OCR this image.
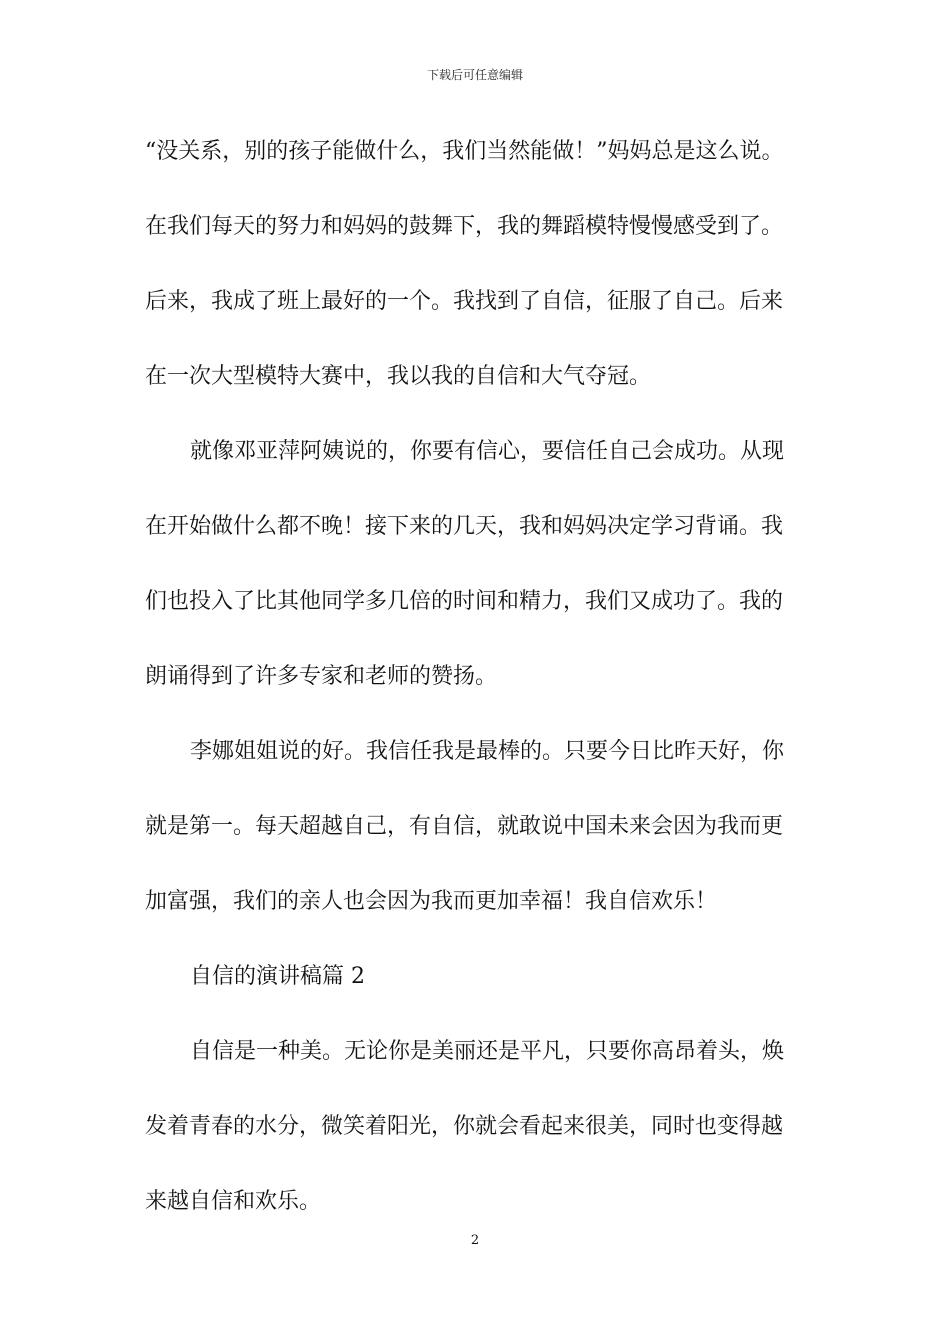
下载后可任意编辑
“没关系，别的孩子能做什么，我们当然能做！”妈妈总是这么说。
在我们每天的努力和妈妈的鼓舞下，我的舞蹈模特慢慢感受到了。
后来，我成了班上最好的一个。我找到了自信，征服了自己。后来
在一次大型模特大赛中，我以我的自信和大气夺冠。
就像邓亚萍阿姨说的，你要有信心，要信任自己会成功。从现
在开始做什么都不晚！接下来的几天，我和妈妈决定学习背诵。我
们也投入了比其他同学多几倍的时间和精力，我们又成功了。我的
朗诵得到了许多专家和老师的赞扬。
李娜姐姐说的好。我信任我是最棒的。只要今日比昨天好，你
就是第一。每天超越自己，有自信，就敢说中国未来会因为我而更
加富强，我们的亲人也会因为我而更加幸福！我自信欢乐！
自信的演讲稿篇 2
自信是一种美。无论你是美丽还是平凡，只要你高昂着头，焕
发着青春的水分，微笑着阳光，你就会看起来很美，同时也变得越
来越自信和欢乐。
2
